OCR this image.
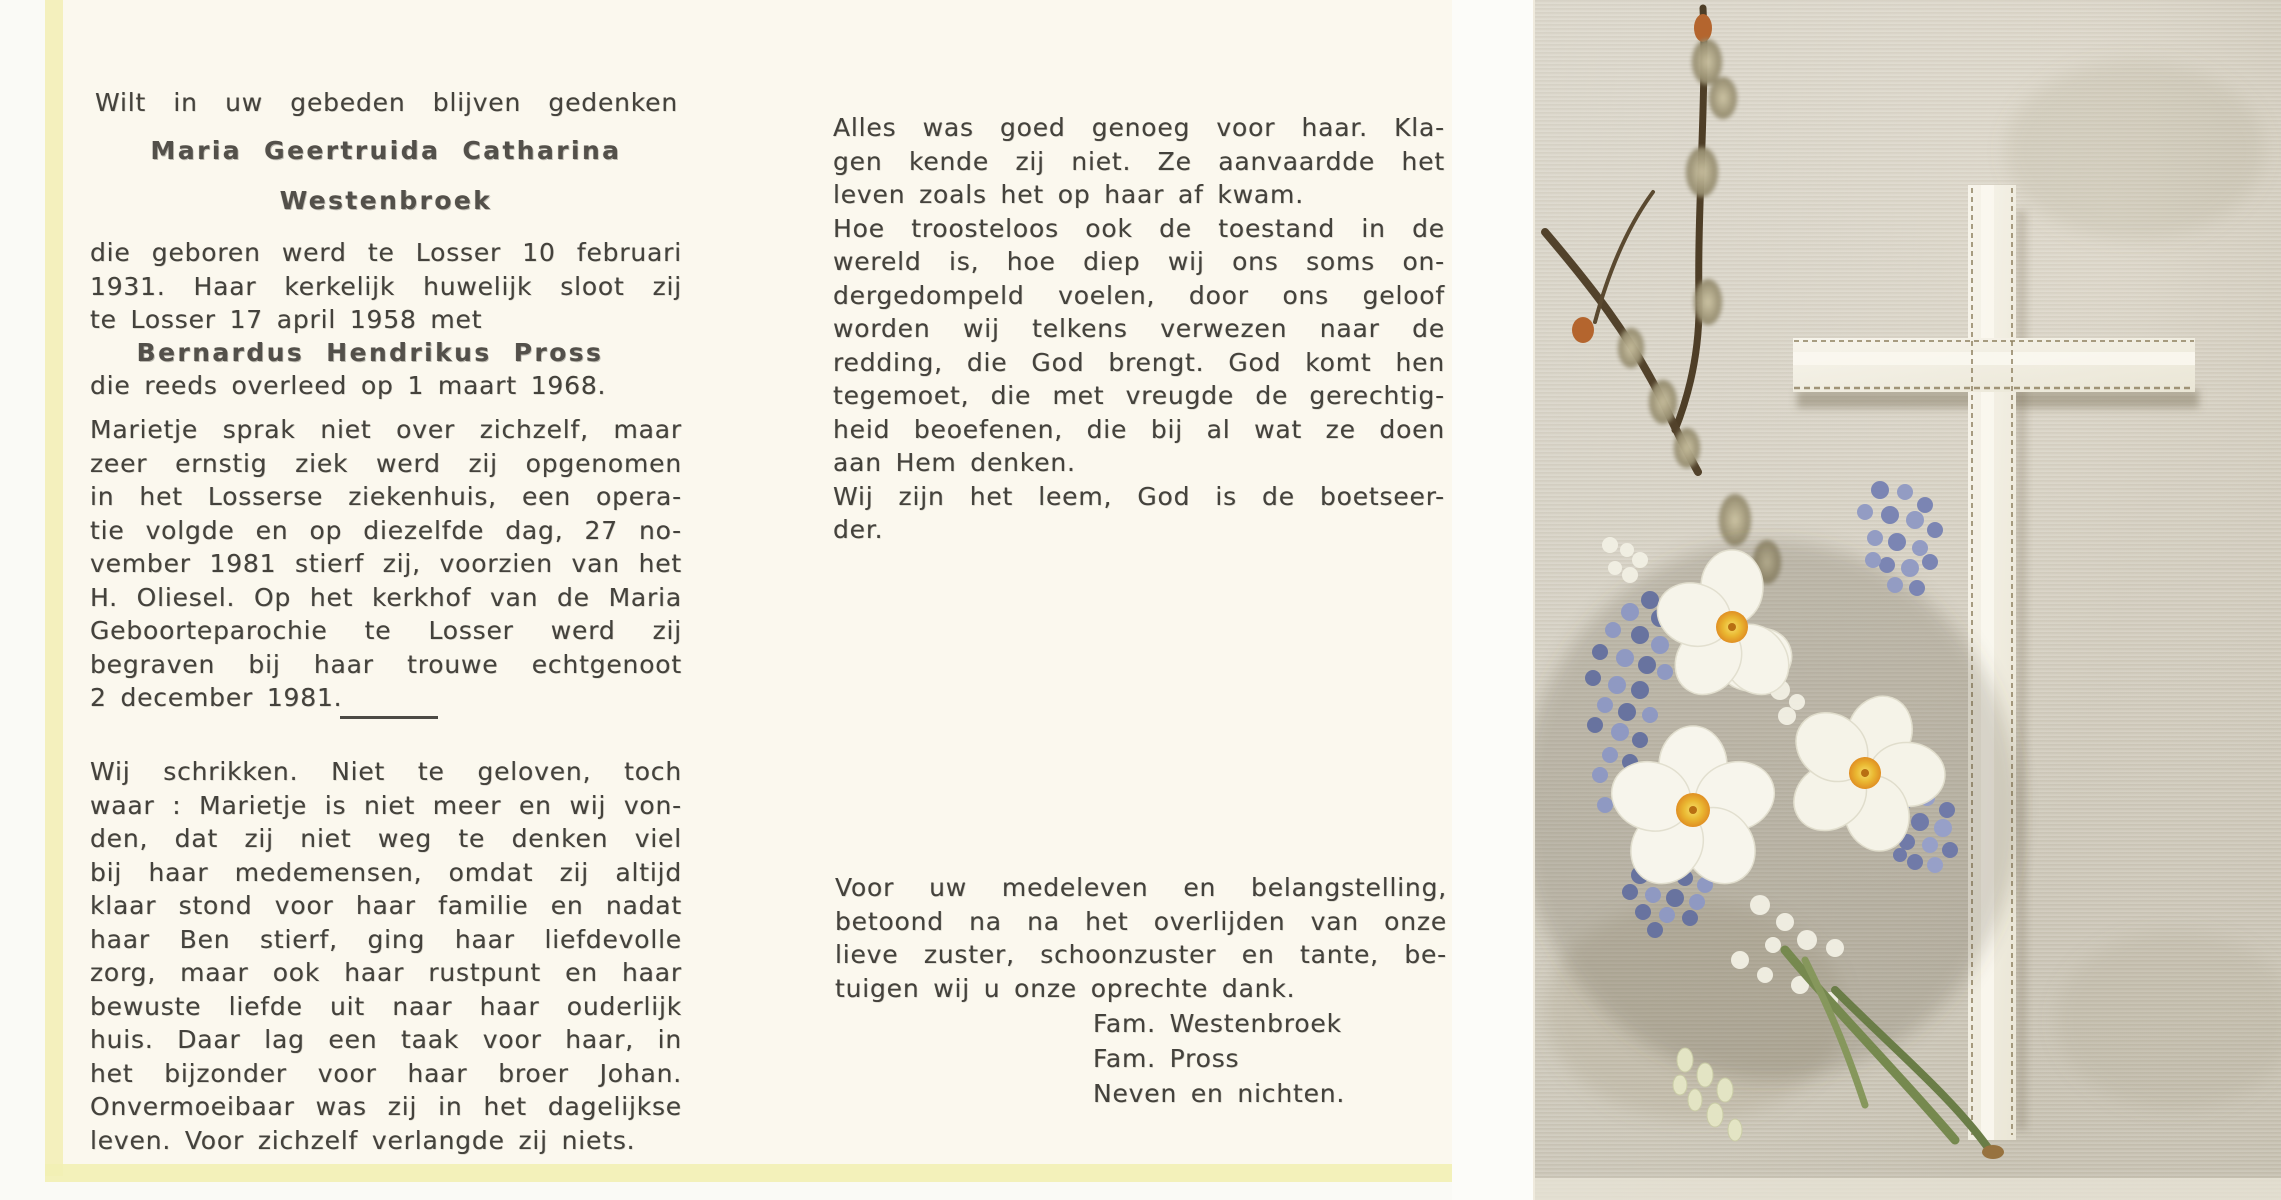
Wilt in uw gebeden blijven gedenken
Maria Geertruida Catharina
Westenbroek
die geboren werd te Losser 10 februari
1931. Haar kerkelijk huwelijk sloot zij
te Losser 17 april 1958 met
Bernardus Hendrikus Pross
die reeds overleed op 1 maart 1968.
Marietje sprak niet over zichzelf, maar
zeer ernstig ziek werd zij opgenomen
in het Losserse ziekenhuis, een opera-
tie volgde en op diezelfde dag, 27 no-
vember 1981 stierf zij, voorzien van het
H. Oliesel. Op het kerkhof van de Maria
Geboorteparochie te Losser werd zij
begraven bij haar trouwe echtgenoot
2 december 1981.
Wij schrikken. Niet te geloven, toch
waar : Marietje is niet meer en wij von-
den, dat zij niet weg te denken viel
bij haar medemensen, omdat zij altijd
klaar stond voor haar familie en nadat
haar Ben stierf, ging haar liefdevolle
zorg, maar ook haar rustpunt en haar
bewuste liefde uit naar haar ouderlijk
huis. Daar lag een taak voor haar, in
het bijzonder voor haar broer Johan.
Onvermoeibaar was zij in het dagelijkse
leven. Voor zichzelf verlangde zij niets.
Alles was goed genoeg voor haar. Kla-
gen kende zij niet. Ze aanvaardde het
leven zoals het op haar af kwam.
Hoe troosteloos ook de toestand in de
wereld is, hoe diep wij ons soms on-
dergedompeld voelen, door ons geloof
worden wij telkens verwezen naar de
redding, die God brengt. God komt hen
tegemoet, die met vreugde de gerechtig-
heid beoefenen, die bij al wat ze doen
aan Hem denken.
Wij zijn het leem, God is de boetseer-
der.
Voor uw medeleven en belangstelling,
betoond na na het overlijden van onze
lieve zuster, schoonzuster en tante, be-
tuigen wij u onze oprechte dank.
Fam. Westenbroek
Fam. Pross
Neven en nichten.
